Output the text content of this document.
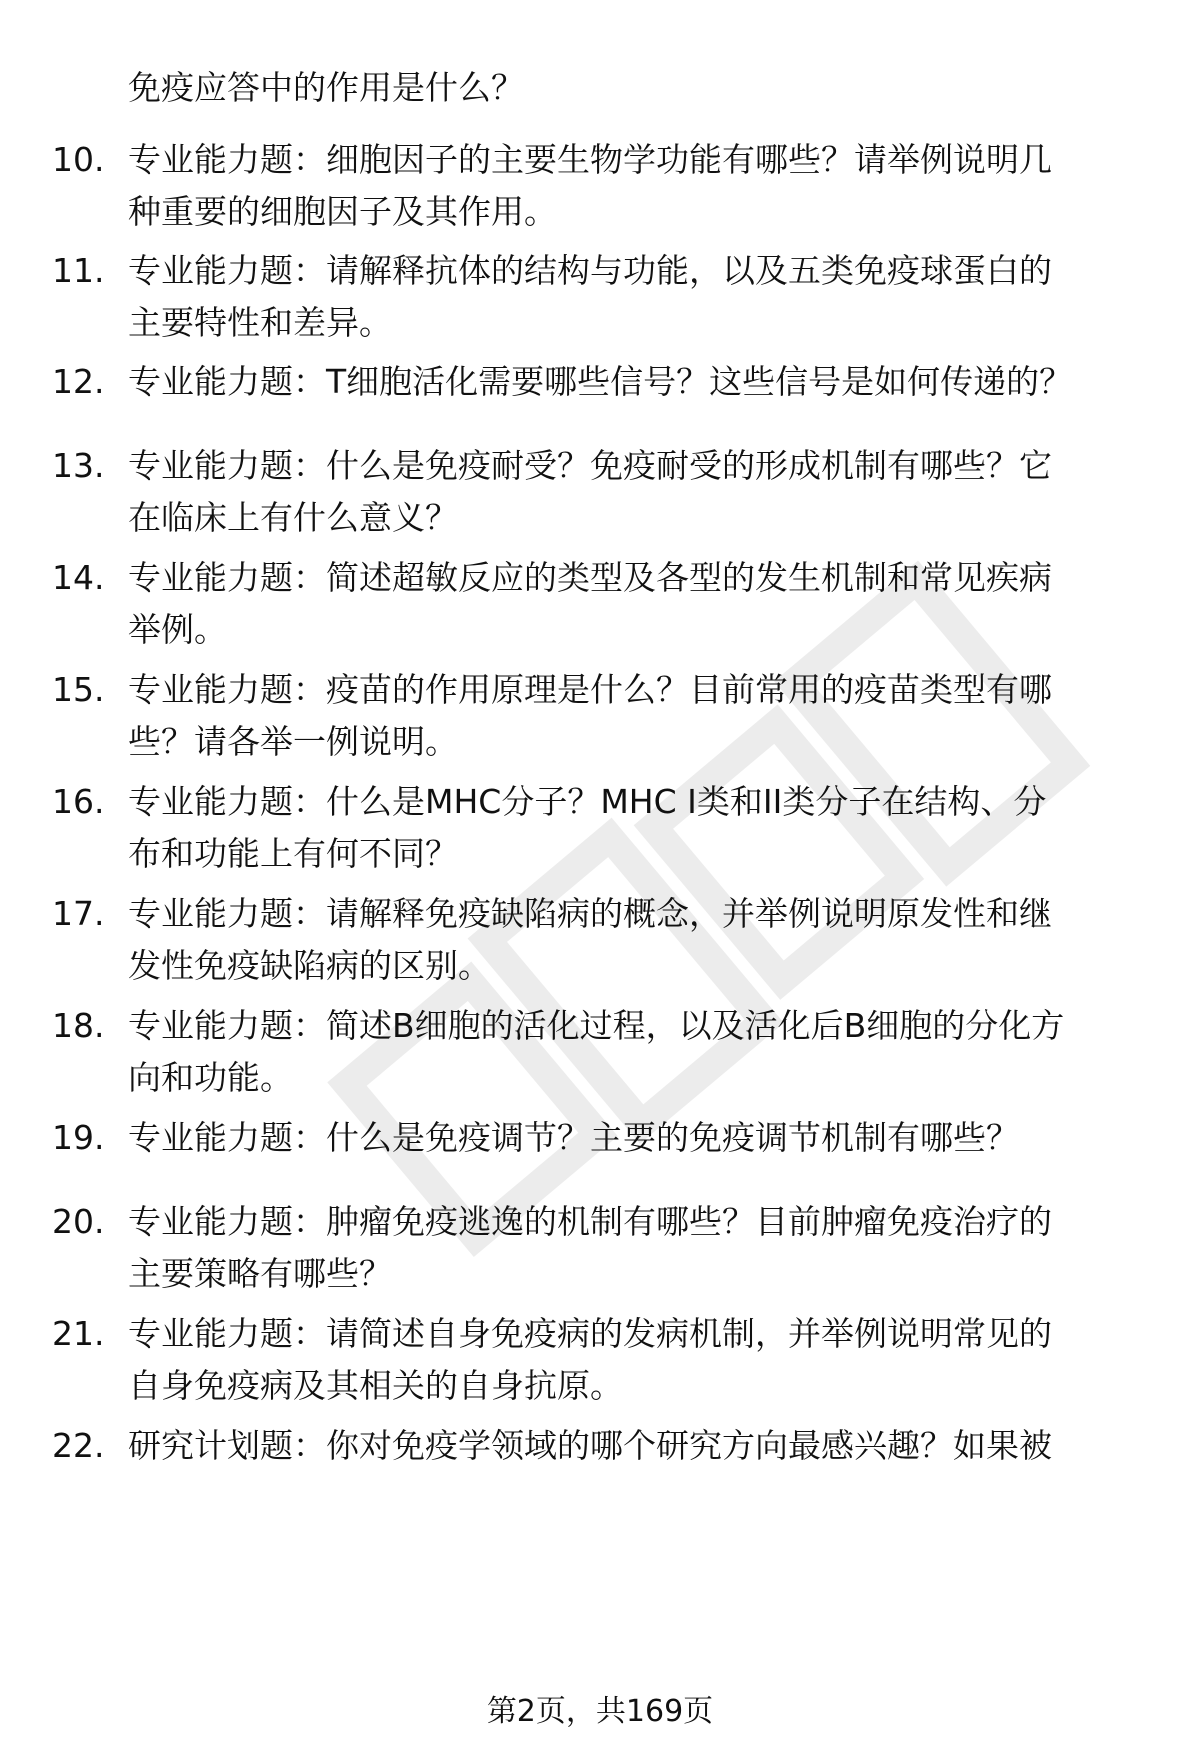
免疫应答中的作用是什么？

10. 专业能力题：细胞因子的主要生物学功能有哪些？请举例说明几
种重要的细胞因子及其作用。

11. 专业能力题：请解释抗体的结构与功能，以及五类免疫球蛋白的
主要特性和差异。

12. 专业能力题：T细胞活化需要哪些信号？这些信号是如何传递的？

13. 专业能力题：什么是免疫耐受？免疫耐受的形成机制有哪些？它
在临床上有什么意义？

14. 专业能力题：简述超敏反应的类型及各型的发生机制和常见疾病
举例。

15. 专业能力题：疫苗的作用原理是什么？目前常用的疫苗类型有哪
些？请各举一例说明。

16. 专业能力题：什么是MHC分子？MHC I类和II类分子在结构、分
布和功能上有何不同？

17. 专业能力题：请解释免疫缺陷病的概念，并举例说明原发性和继
发性免疫缺陷病的区别。

18. 专业能力题：简述B细胞的活化过程，以及活化后B细胞的分化方
向和功能。

19. 专业能力题：什么是免疫调节？主要的免疫调节机制有哪些？

20. 专业能力题：肿瘤免疫逃逸的机制有哪些？目前肿瘤免疫治疗的
主要策略有哪些？

21. 专业能力题：请简述自身免疫病的发病机制，并举例说明常见的
自身免疫病及其相关的自身抗原。

22. 研究计划题：你对免疫学领域的哪个研究方向最感兴趣？如果被

第2页，共169页
